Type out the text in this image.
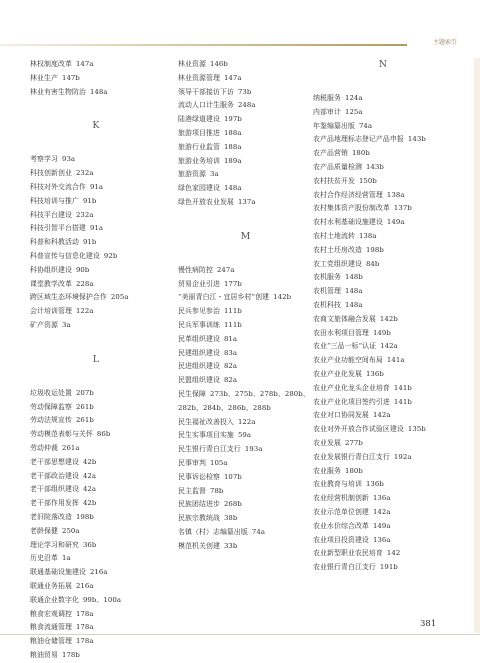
主题索引
林权制度改革 147a
林业生产 147b
林业有害生物防治 148a
K
考察学习 93a
科技创新创业 232a
科技对外交流合作 91a
科技培训与推广 91b
科技平台建设 232a
科技引智平台搭建 91a
科普和科教活动 91b
科普宣传与信息化建设 92b
科协组织建设 90b
课堂教学改革 228a
跨区域生态环境保护合作 205a
会计培训管理 122a
矿产资源 3a
L
垃圾收运处置 207b
劳动保障监察 261b
劳动法规宣传 261b
劳动模范表彰与关怀 86b
劳动仲裁 261a
老干部思想建设 42b
老干部政治建设 42a
老干部组织建设 42a
老干部作用发挥 42b
老旧院落改造 198b
老龄保健 250a
理论学习和研究 36b
历史沿革 1a
联通基础设施建设 216a
联通业务拓展 216a
联通企业数字化 99b、100a
粮食宏观调控 178a
粮食流通管理 178a
粮油仓储管理 178a
粮油贸易 178b
林业资源 146b
林业资源管理 147a
领导干部接访下访 73b
流动人口计生服务 248a
陆港绿道建设 197b
旅游项目推进 188a
旅游行业监管 188a
旅游业务培训 189a
旅游资源 3a
绿色家园建设 148a
绿色开放农业发展 137a
M
慢性病防控 247a
贸易企业引进 177b
“美丽青白江・宜居乡村”创建 142b
民兵参见参治 111b
民兵军事训练 111b
民革组织建设 81a
民建组织建设 83a
民进组织建设 82a
民盟组织建设 82a
民生保障 273b、275b、278b、280b、282b、284b、286b、288b
民生福祉改善投入 122a
民生实事项目实施 59a
民生银行青白江支行 193a
民事审判 105a
民事诉讼检察 107b
民主监督 78b
民族团结进步 268b
民族宗教统战 38b
名镇（村）志编纂出版 74a
模范机关创建 33b
N
纳税服务 124a
内部审计 125a
年鉴编纂出版 74a
农产品地理标志登记产品申报 143b
农产品营销 180b
农产品质量检测 143b
农村扶贫开发 150b
农村合作经济经营管理 138a
农村集体资产股份制改革 137b
农村水利基础设施建设 149a
农村土地流转 138a
农村土坯房改造 198b
农工党组织建设 84b
农机服务 148b
农机管理 148a
农机科技 148a
农商文旅体融合发展 142b
农田水利项目管理 149b
农业“三品一标”认证 142a
农业产业功能空间布局 141a
农业产业化发展 136b
农业产业化龙头企业培育 141b
农业产业化项目签约引进 141b
农业对口协同发展 142a
农业对外开放合作试验区建设 135b
农业发展 277b
农业发展银行青白江支行 192a
农业服务 180b
农业教育与培训 136b
农业经营机制创新 136a
农业示范单位创建 142a
农业水价综合改革 149a
农业项目投资建设 136a
农业新型职业农民培育 142
农业银行青白江支行 191b
381
